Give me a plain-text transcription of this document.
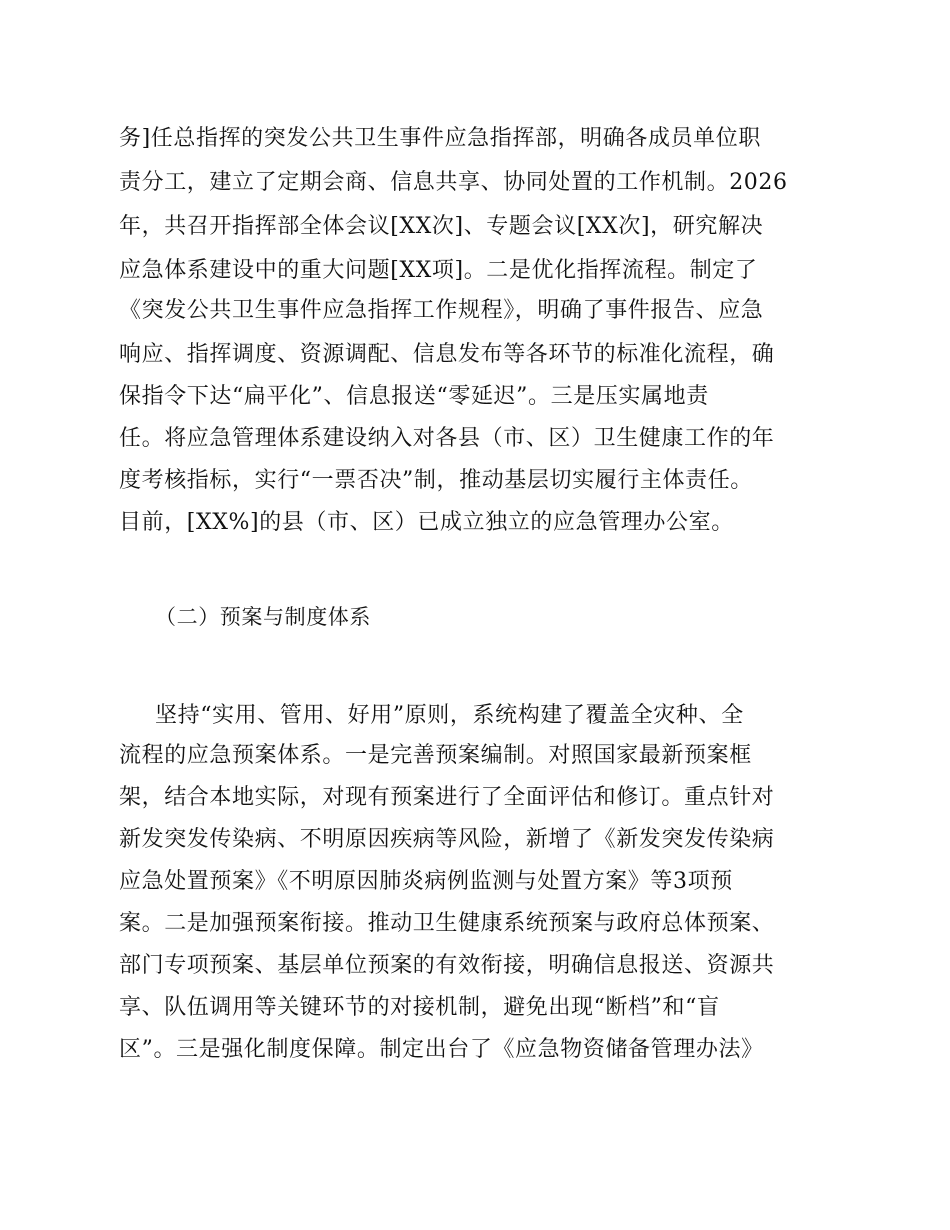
务]任总指挥的突发公共卫生事件应急指挥部，明确各成员单位职
责分工，建立了定期会商、信息共享、协同处置的工作机制。2026
年，共召开指挥部全体会议[XX次]、专题会议[XX次]，研究解决
应急体系建设中的重大问题[XX项]。二是优化指挥流程。制定了
《突发公共卫生事件应急指挥工作规程》，明确了事件报告、应急
响应、指挥调度、资源调配、信息发布等各环节的标准化流程，确
保指令下达“扁平化”、信息报送“零延迟”。三是压实属地责
任。将应急管理体系建设纳入对各县（市、区）卫生健康工作的年
度考核指标，实行“一票否决”制，推动基层切实履行主体责任。
目前，[XX%]的县（市、区）已成立独立的应急管理办公室。
（二）预案与制度体系
坚持“实用、管用、好用”原则，系统构建了覆盖全灾种、全
流程的应急预案体系。一是完善预案编制。对照国家最新预案框
架，结合本地实际，对现有预案进行了全面评估和修订。重点针对
新发突发传染病、不明原因疾病等风险，新增了《新发突发传染病
应急处置预案》《不明原因肺炎病例监测与处置方案》等3项预
案。二是加强预案衔接。推动卫生健康系统预案与政府总体预案、
部门专项预案、基层单位预案的有效衔接，明确信息报送、资源共
享、队伍调用等关键环节的对接机制，避免出现“断档”和“盲
区”。三是强化制度保障。制定出台了《应急物资储备管理办法》
